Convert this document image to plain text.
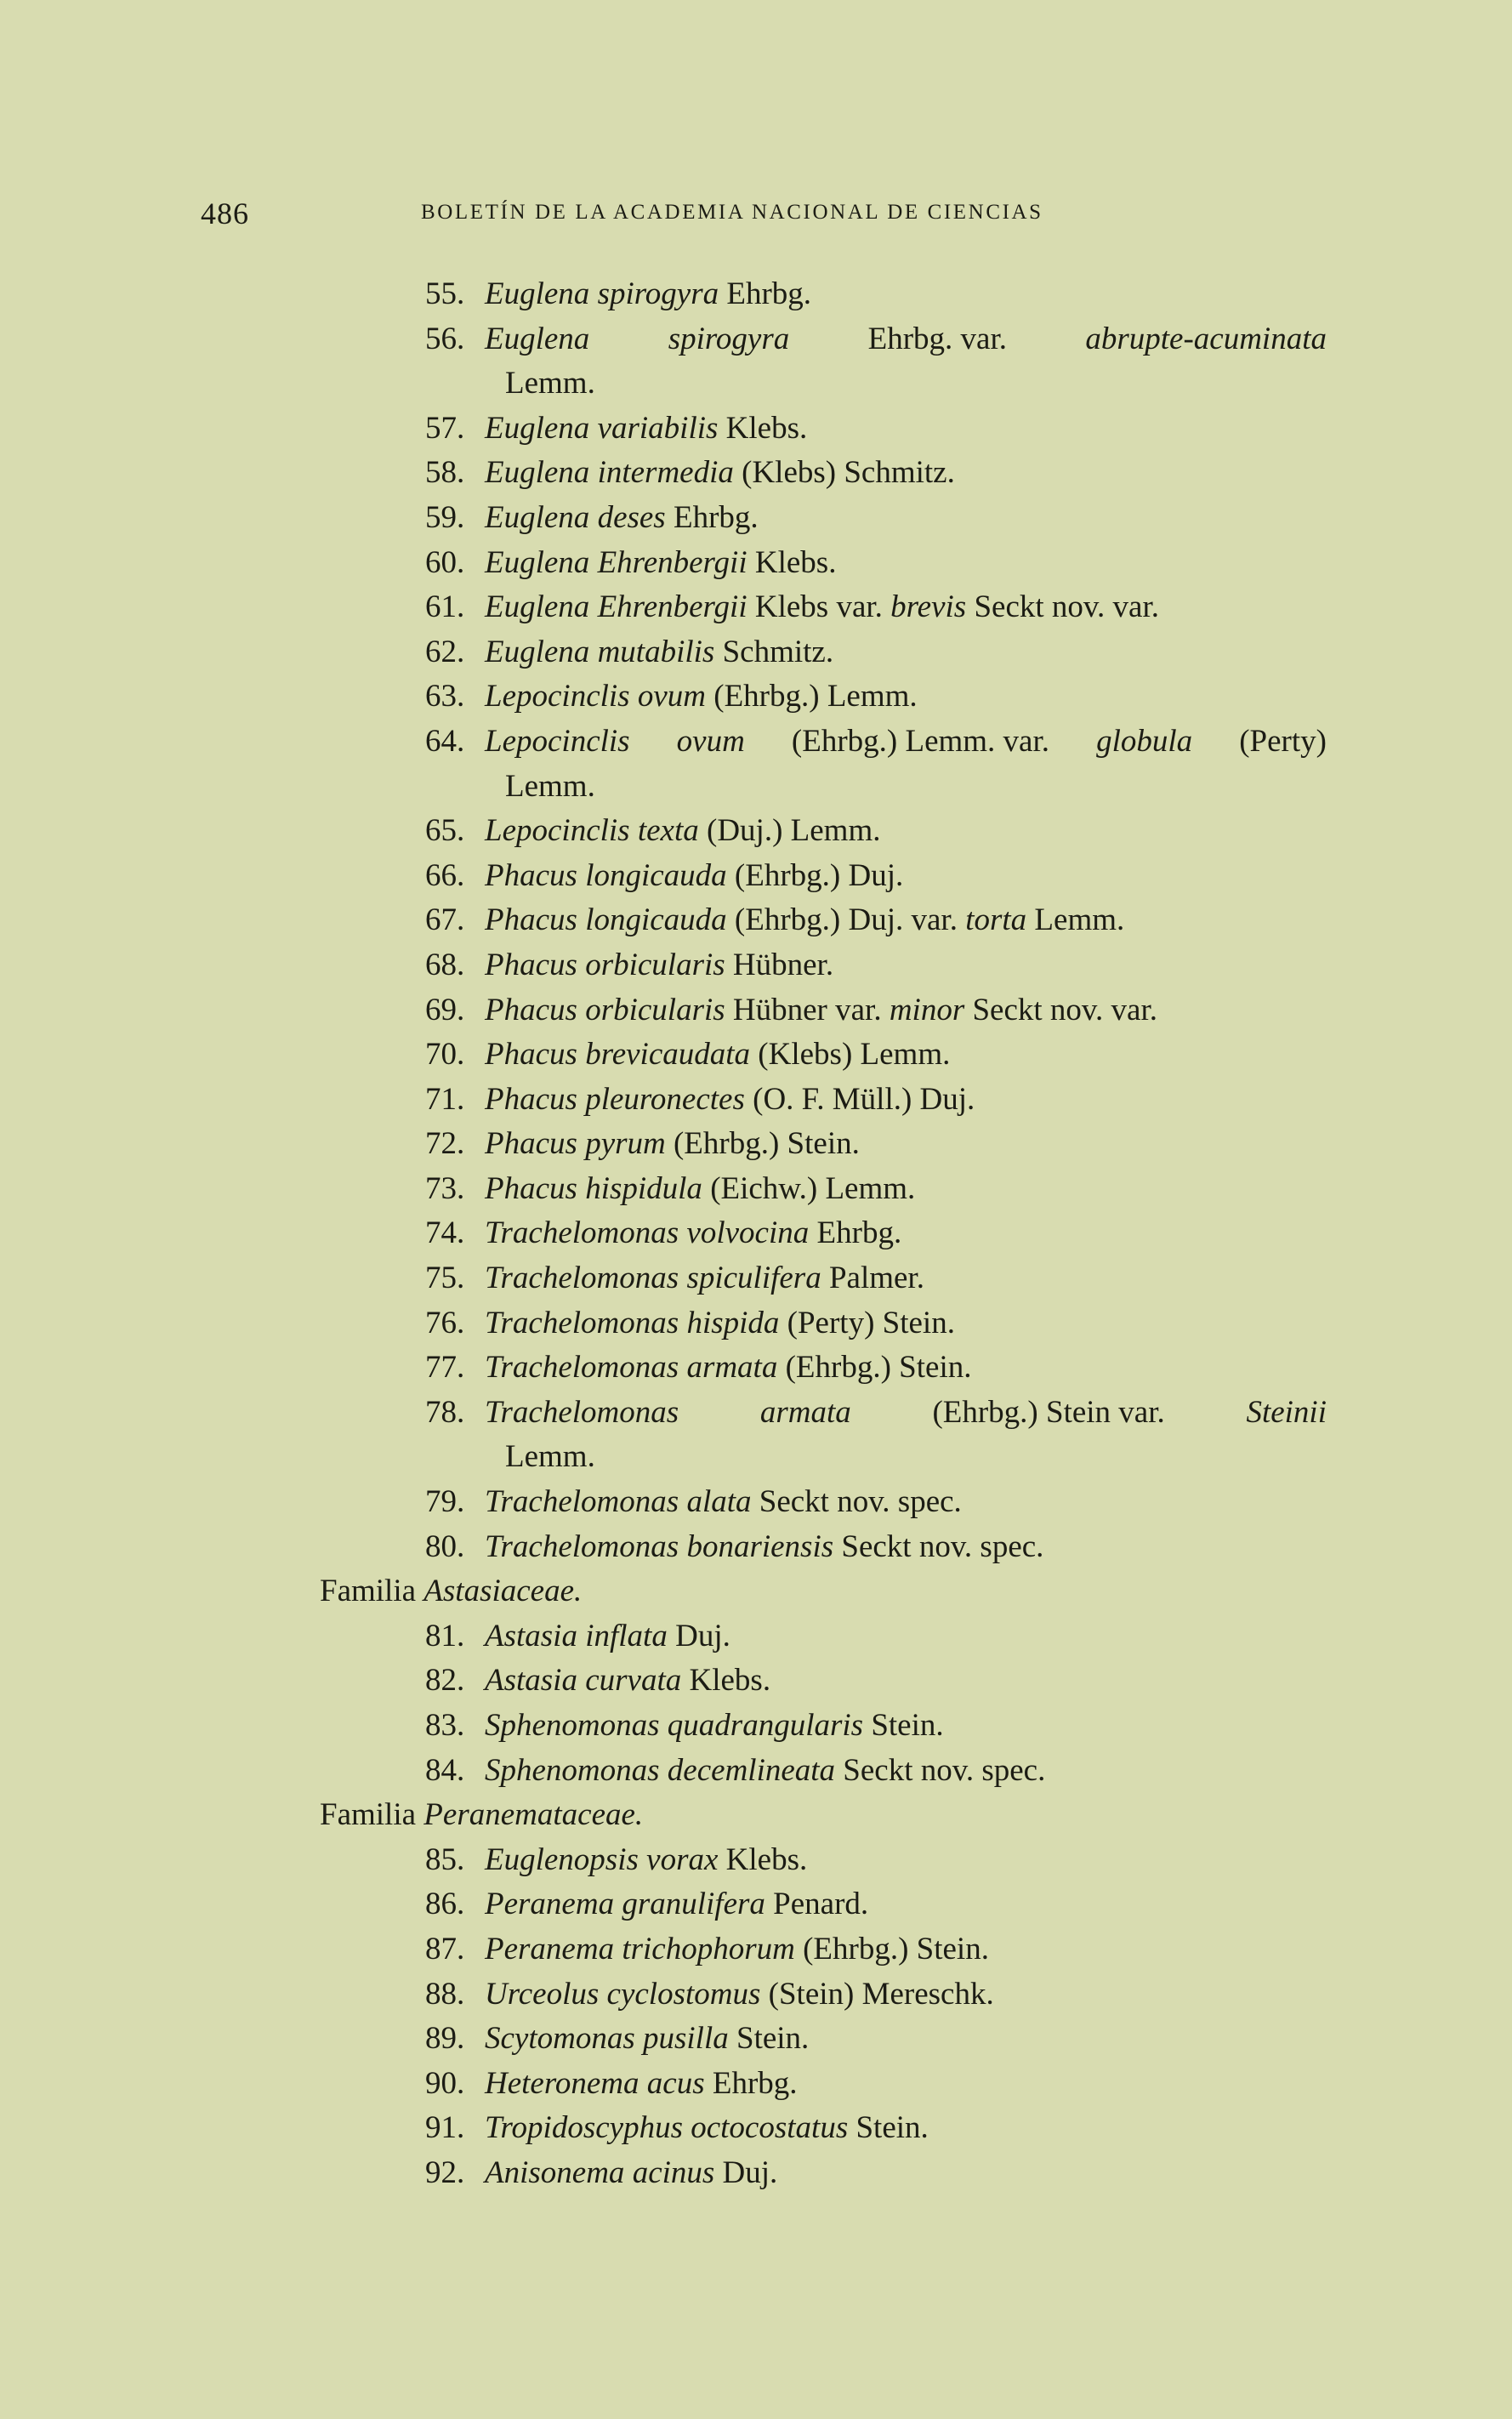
486	BOLETÍN DE LA ACADEMIA NACIONAL DE CIENCIAS
55. Euglena spirogyra Ehrbg.
56. Euglena spirogyra Ehrbg. var. abrupte-acuminata
Lemm.
57. Euglena variabilis Klebs.
58. Euglena intermedia (Klebs) Schmitz.
59. Euglena deses Ehrbg.
60. Euglena Ehrenbergii Klebs.
61. Euglena Ehrenbergii Klebs var. brevis Seckt nov. var.
62. Euglena mutabilis Schmitz.
63. Lepocinclis ovum (Ehrbg.) Lemm.
64. Lepocinclis ovum (Ehrbg.) Lemm. var. globula (Perty)
Lemm.
65. Lepocinclis texta (Duj.) Lemm.
66. Phacus longicauda (Ehrbg.) Duj.
67. Phacus longicauda (Ehrbg.) Duj. var. torta Lemm.
68. Phacus orbicularis Hübner.
69. Phacus orbicularis Hübner var. minor Seckt nov. var.
70. Phacus brevicaudata (Klebs) Lemm.
71. Phacus pleuronectes (O. F. Müll.) Duj.
72. Phacus pyrum (Ehrbg.) Stein.
73. Phacus hispidula (Eichw.) Lemm.
74. Trachelomonas volvocina Ehrbg.
75. Trachelomonas spiculifera Palmer.
76. Trachelomonas hispida (Perty) Stein.
77. Trachelomonas armata (Ehrbg.) Stein.
78. Trachelomonas	armata	(Ehrbg.) Stein var.	Steinii
Lemm.
79. Trachelomonas alata Seckt nov. spec.
80. Trachelomonas bonariensis Seckt nov. spec.
Familia Astasiaceae.
81. Astasia inflata Duj.
82. Astasia curvata Klebs.
83. Sphenomonas quadrangularis Stein.
84. Sphenomonas decemlineata Seckt nov. spec.
Familia Peranemataceae.
85. Euglenopsis vorax Klebs.
86. Peranema granulifera Penard.
87. Peranema trichophorum (Ehrbg.) Stein.
88. Urceolus cyclostomus (Stein) Mereschk.
89. Scytomonas pusilla Stein.
90. Heteronema acus Ehrbg.
91. Tropidoscyphus octocostatus Stein.
92. Anisonema acinus Duj.
